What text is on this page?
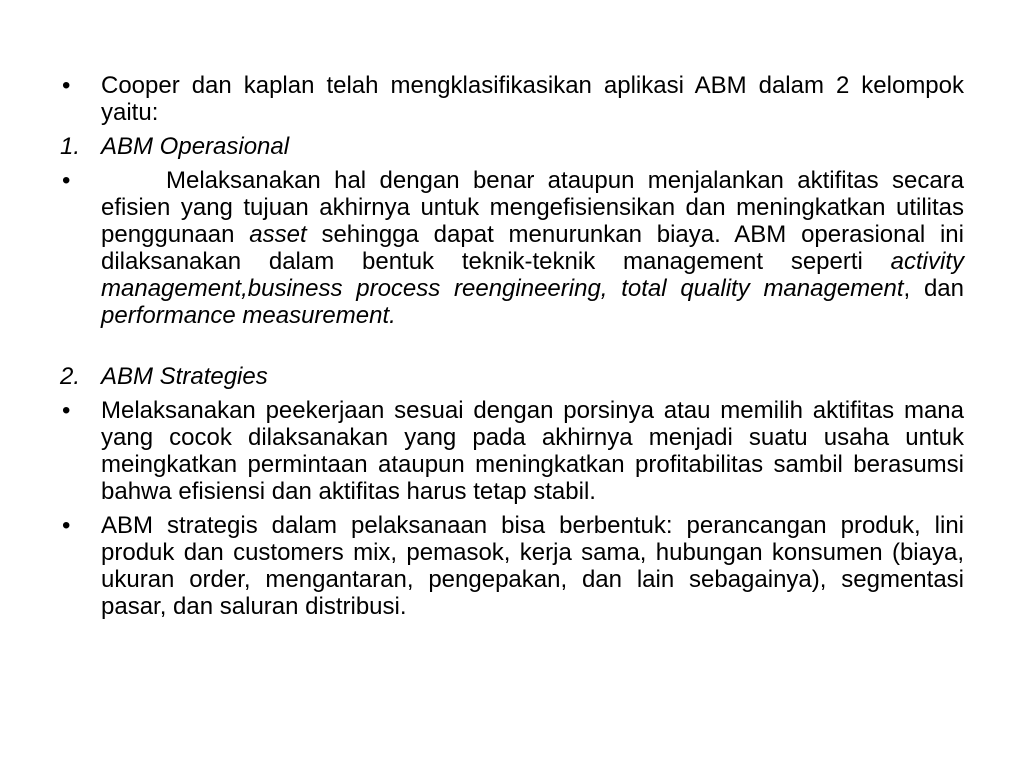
•	Cooper dan kaplan telah mengklasifikasikan aplikasi ABM dalam 2 kelompok yaitu:
1. ABM Operasional
•	Melaksanakan hal dengan benar ataupun menjalankan aktifitas secara efisien yang tujuan akhirnya untuk mengefisiensikan dan meningkatkan utilitas penggunaan asset sehingga dapat menurunkan biaya. ABM operasional ini dilaksanakan dalam bentuk teknik-teknik management seperti activity management,business process reengineering, total quality management, dan performance measurement.
2. ABM Strategies
•	Melaksanakan peekerjaan sesuai dengan porsinya atau memilih aktifitas mana yang cocok dilaksanakan yang pada akhirnya menjadi suatu usaha untuk meingkatkan permintaan ataupun meningkatkan profitabilitas sambil berasumsi bahwa efisiensi dan aktifitas harus tetap stabil.
•	ABM strategis dalam pelaksanaan bisa berbentuk: perancangan produk, lini produk dan customers mix, pemasok, kerja sama, hubungan konsumen (biaya, ukuran order, mengantaran, pengepakan, dan lain sebagainya), segmentasi pasar, dan saluran distribusi.
